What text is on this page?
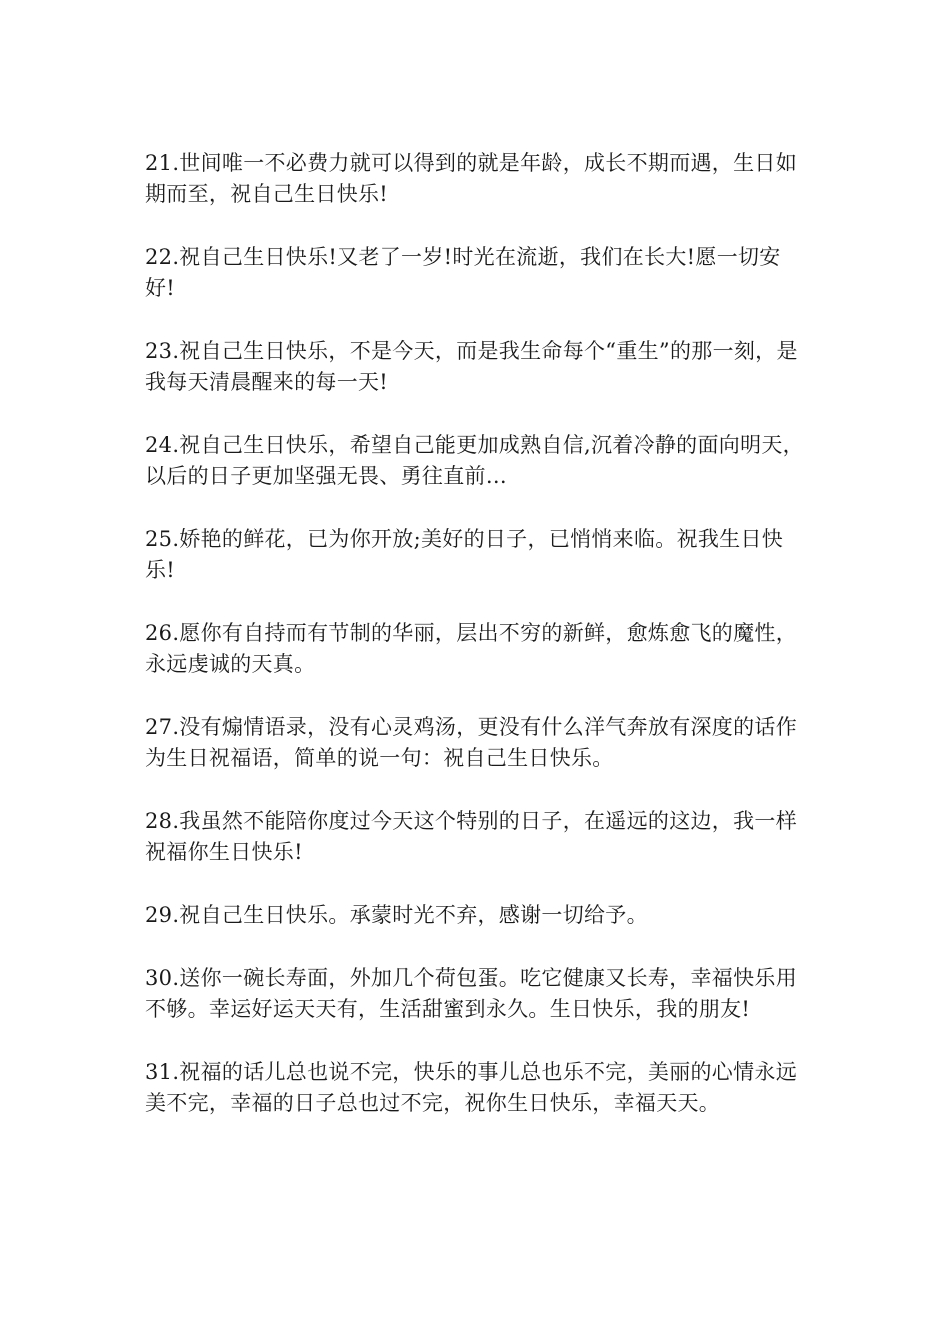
21.世间唯一不必费力就可以得到的就是年龄，成长不期而遇，生日如期而至，祝自己生日快乐!
22.祝自己生日快乐!又老了一岁!时光在流逝，我们在长大!愿一切安好!
23.祝自己生日快乐，不是今天，而是我生命每个“重生”的那一刻，是我每天清晨醒来的每一天!
24.祝自己生日快乐，希望自己能更加成熟自信,沉着冷静的面向明天，以后的日子更加坚强无畏、勇往直前…
25.娇艳的鲜花，已为你开放;美好的日子，已悄悄来临。祝我生日快乐!
26.愿你有自持而有节制的华丽，层出不穷的新鲜，愈炼愈飞的魔性，永远虔诚的天真。
27.没有煽情语录，没有心灵鸡汤，更没有什么洋气奔放有深度的话作为生日祝福语，简单的说一句：祝自己生日快乐。
28.我虽然不能陪你度过今天这个特别的日子，在遥远的这边，我一样祝福你生日快乐!
29.祝自己生日快乐。承蒙时光不弃，感谢一切给予。
30.送你一碗长寿面，外加几个荷包蛋。吃它健康又长寿，幸福快乐用不够。幸运好运天天有，生活甜蜜到永久。生日快乐，我的朋友!
31.祝福的话儿总也说不完，快乐的事儿总也乐不完，美丽的心情永远美不完，幸福的日子总也过不完，祝你生日快乐，幸福天天。
